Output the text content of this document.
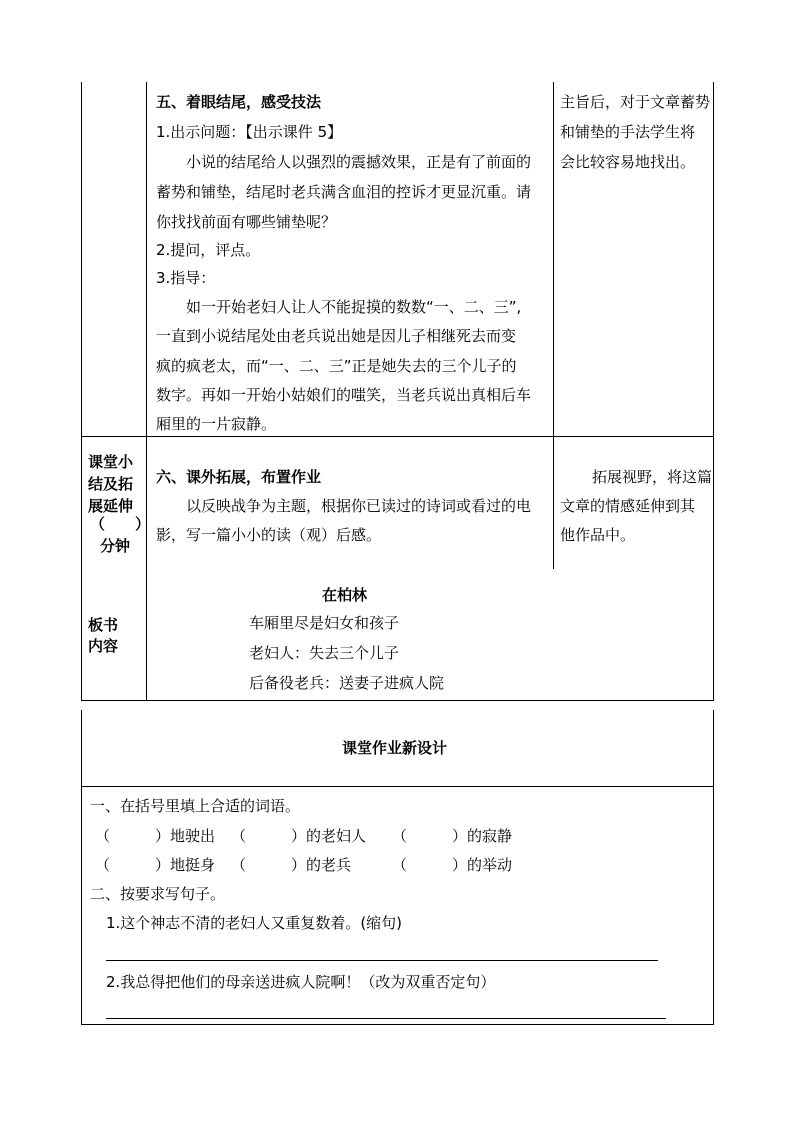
五、着眼结尾，感受技法
1.出示问题：【出示课件 5】
小说的结尾给人以强烈的震撼效果，正是有了前面的
蓄势和铺垫，结尾时老兵满含血泪的控诉才更显沉重。请
你找找前面有哪些铺垫呢？
2.提问，评点。
3.指导：
如一开始老妇人让人不能捉摸的数数“一、二、三”,
一直到小说结尾处由老兵说出她是因儿子相继死去而变
疯的疯老太，而“一、二、三”正是她失去的三个儿子的
数字。再如一开始小姑娘们的嗤笑，当老兵说出真相后车
厢里的一片寂静。
主旨后，对于文章蓄势
和铺垫的手法学生将
会比较容易地找出。
课堂小
结及拓
展延伸
（　　）
分钟
六、课外拓展，布置作业
以反映战争为主题，根据你已读过的诗词或看过的电
影，写一篇小小的读（观）后感。
拓展视野，将这篇
文章的情感延伸到其
他作品中。
板书
内容
在柏林
车厢里尽是妇女和孩子
老妇人：失去三个儿子
后备役老兵：送妻子进疯人院
课堂作业新设计
一、在括号里填上合适的词语。
（　　　）地驶出 （　　　）的老妇人 （　　　）的寂静
（　　　）地挺身 （　　　）的老兵	（　　　）的举动
二、按要求写句子。
1.这个神志不清的老妇人又重复数着。(缩句)
2.我总得把他们的母亲送进疯人院啊！（改为双重否定句）
